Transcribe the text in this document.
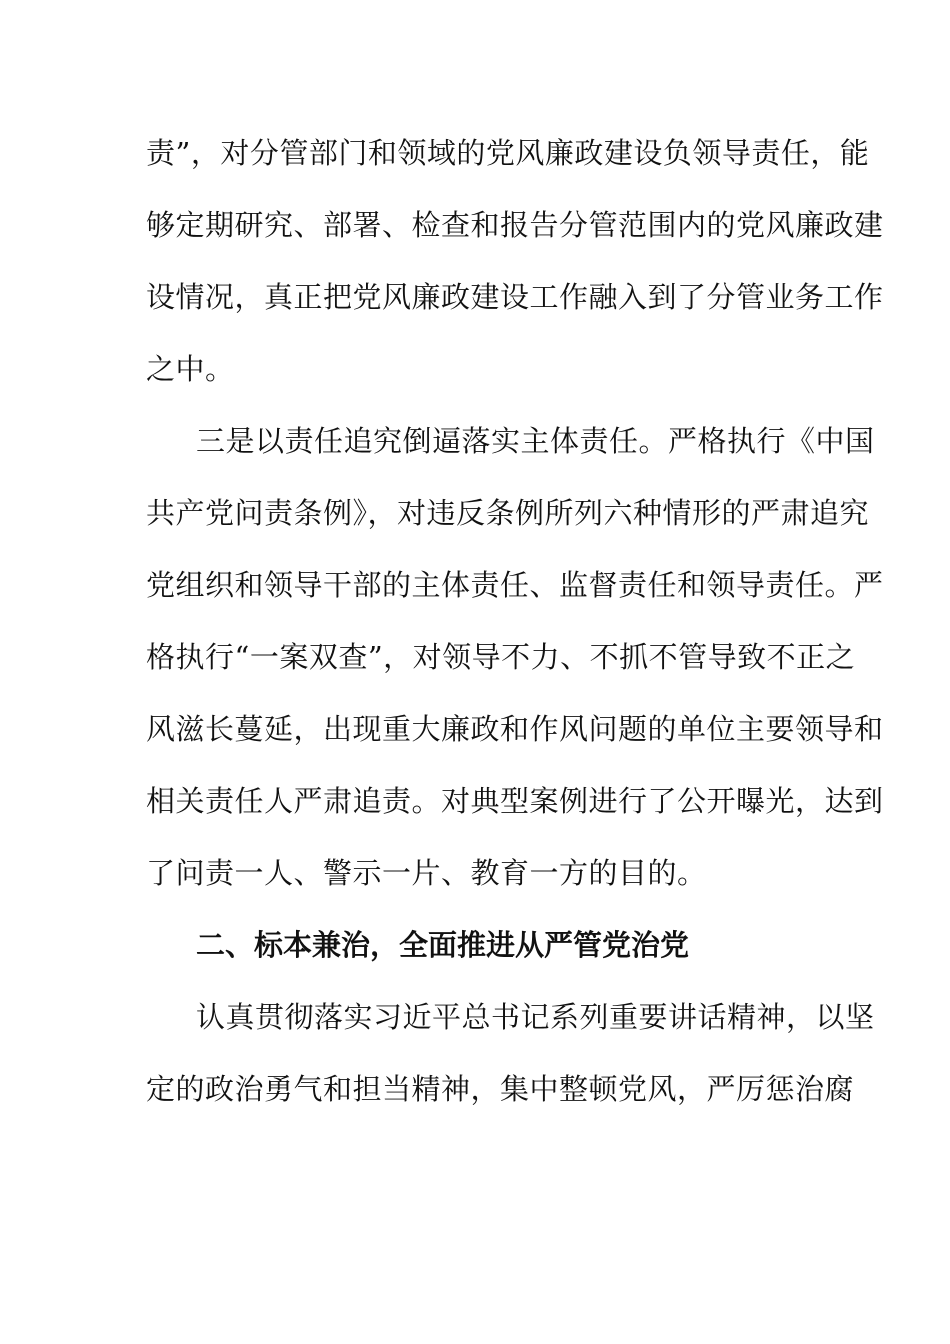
责”，对分管部门和领域的党风廉政建设负领导责任，能
够定期研究、部署、检查和报告分管范围内的党风廉政建
设情况，真正把党风廉政建设工作融入到了分管业务工作
之中。
三是以责任追究倒逼落实主体责任。严格执行《中国
共产党问责条例》，对违反条例所列六种情形的严肃追究
党组织和领导干部的主体责任、监督责任和领导责任。严
格执行“一案双查”，对领导不力、不抓不管导致不正之
风滋长蔓延，出现重大廉政和作风问题的单位主要领导和
相关责任人严肃追责。对典型案例进行了公开曝光，达到
了问责一人、警示一片、教育一方的目的。
二、标本兼治，全面推进从严管党治党
认真贯彻落实习近平总书记系列重要讲话精神，以坚
定的政治勇气和担当精神，集中整顿党风，严厉惩治腐
